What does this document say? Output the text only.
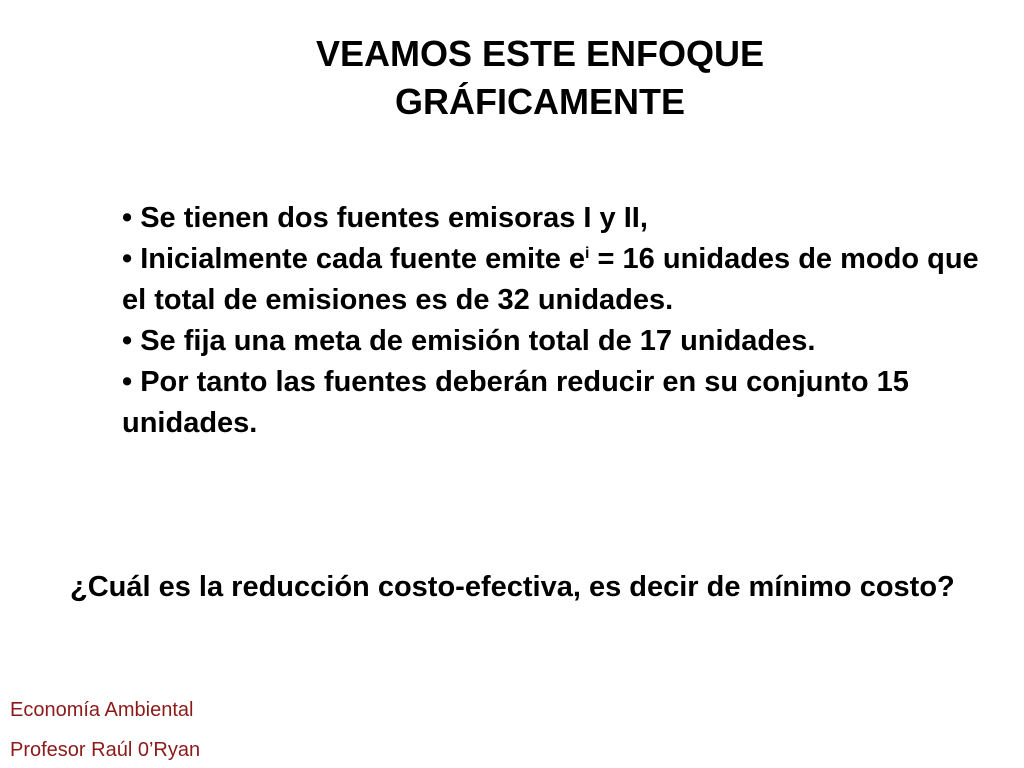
VEAMOS ESTE ENFOQUE
GRÁFICAMENTE
• Se tienen dos fuentes emisoras I y II,
• Inicialmente cada fuente emite $e^i = 16$ unidades de modo que el total de emisiones es de 32 unidades.
• Se fija una meta de emisión total de 17 unidades.
• Por tanto las fuentes deberán reducir en su conjunto 15 unidades.

¿Cuál es la reducción costo-efectiva, es decir de mínimo costo?

Economía Ambiental

Profesor Raúl 0’Ryan
